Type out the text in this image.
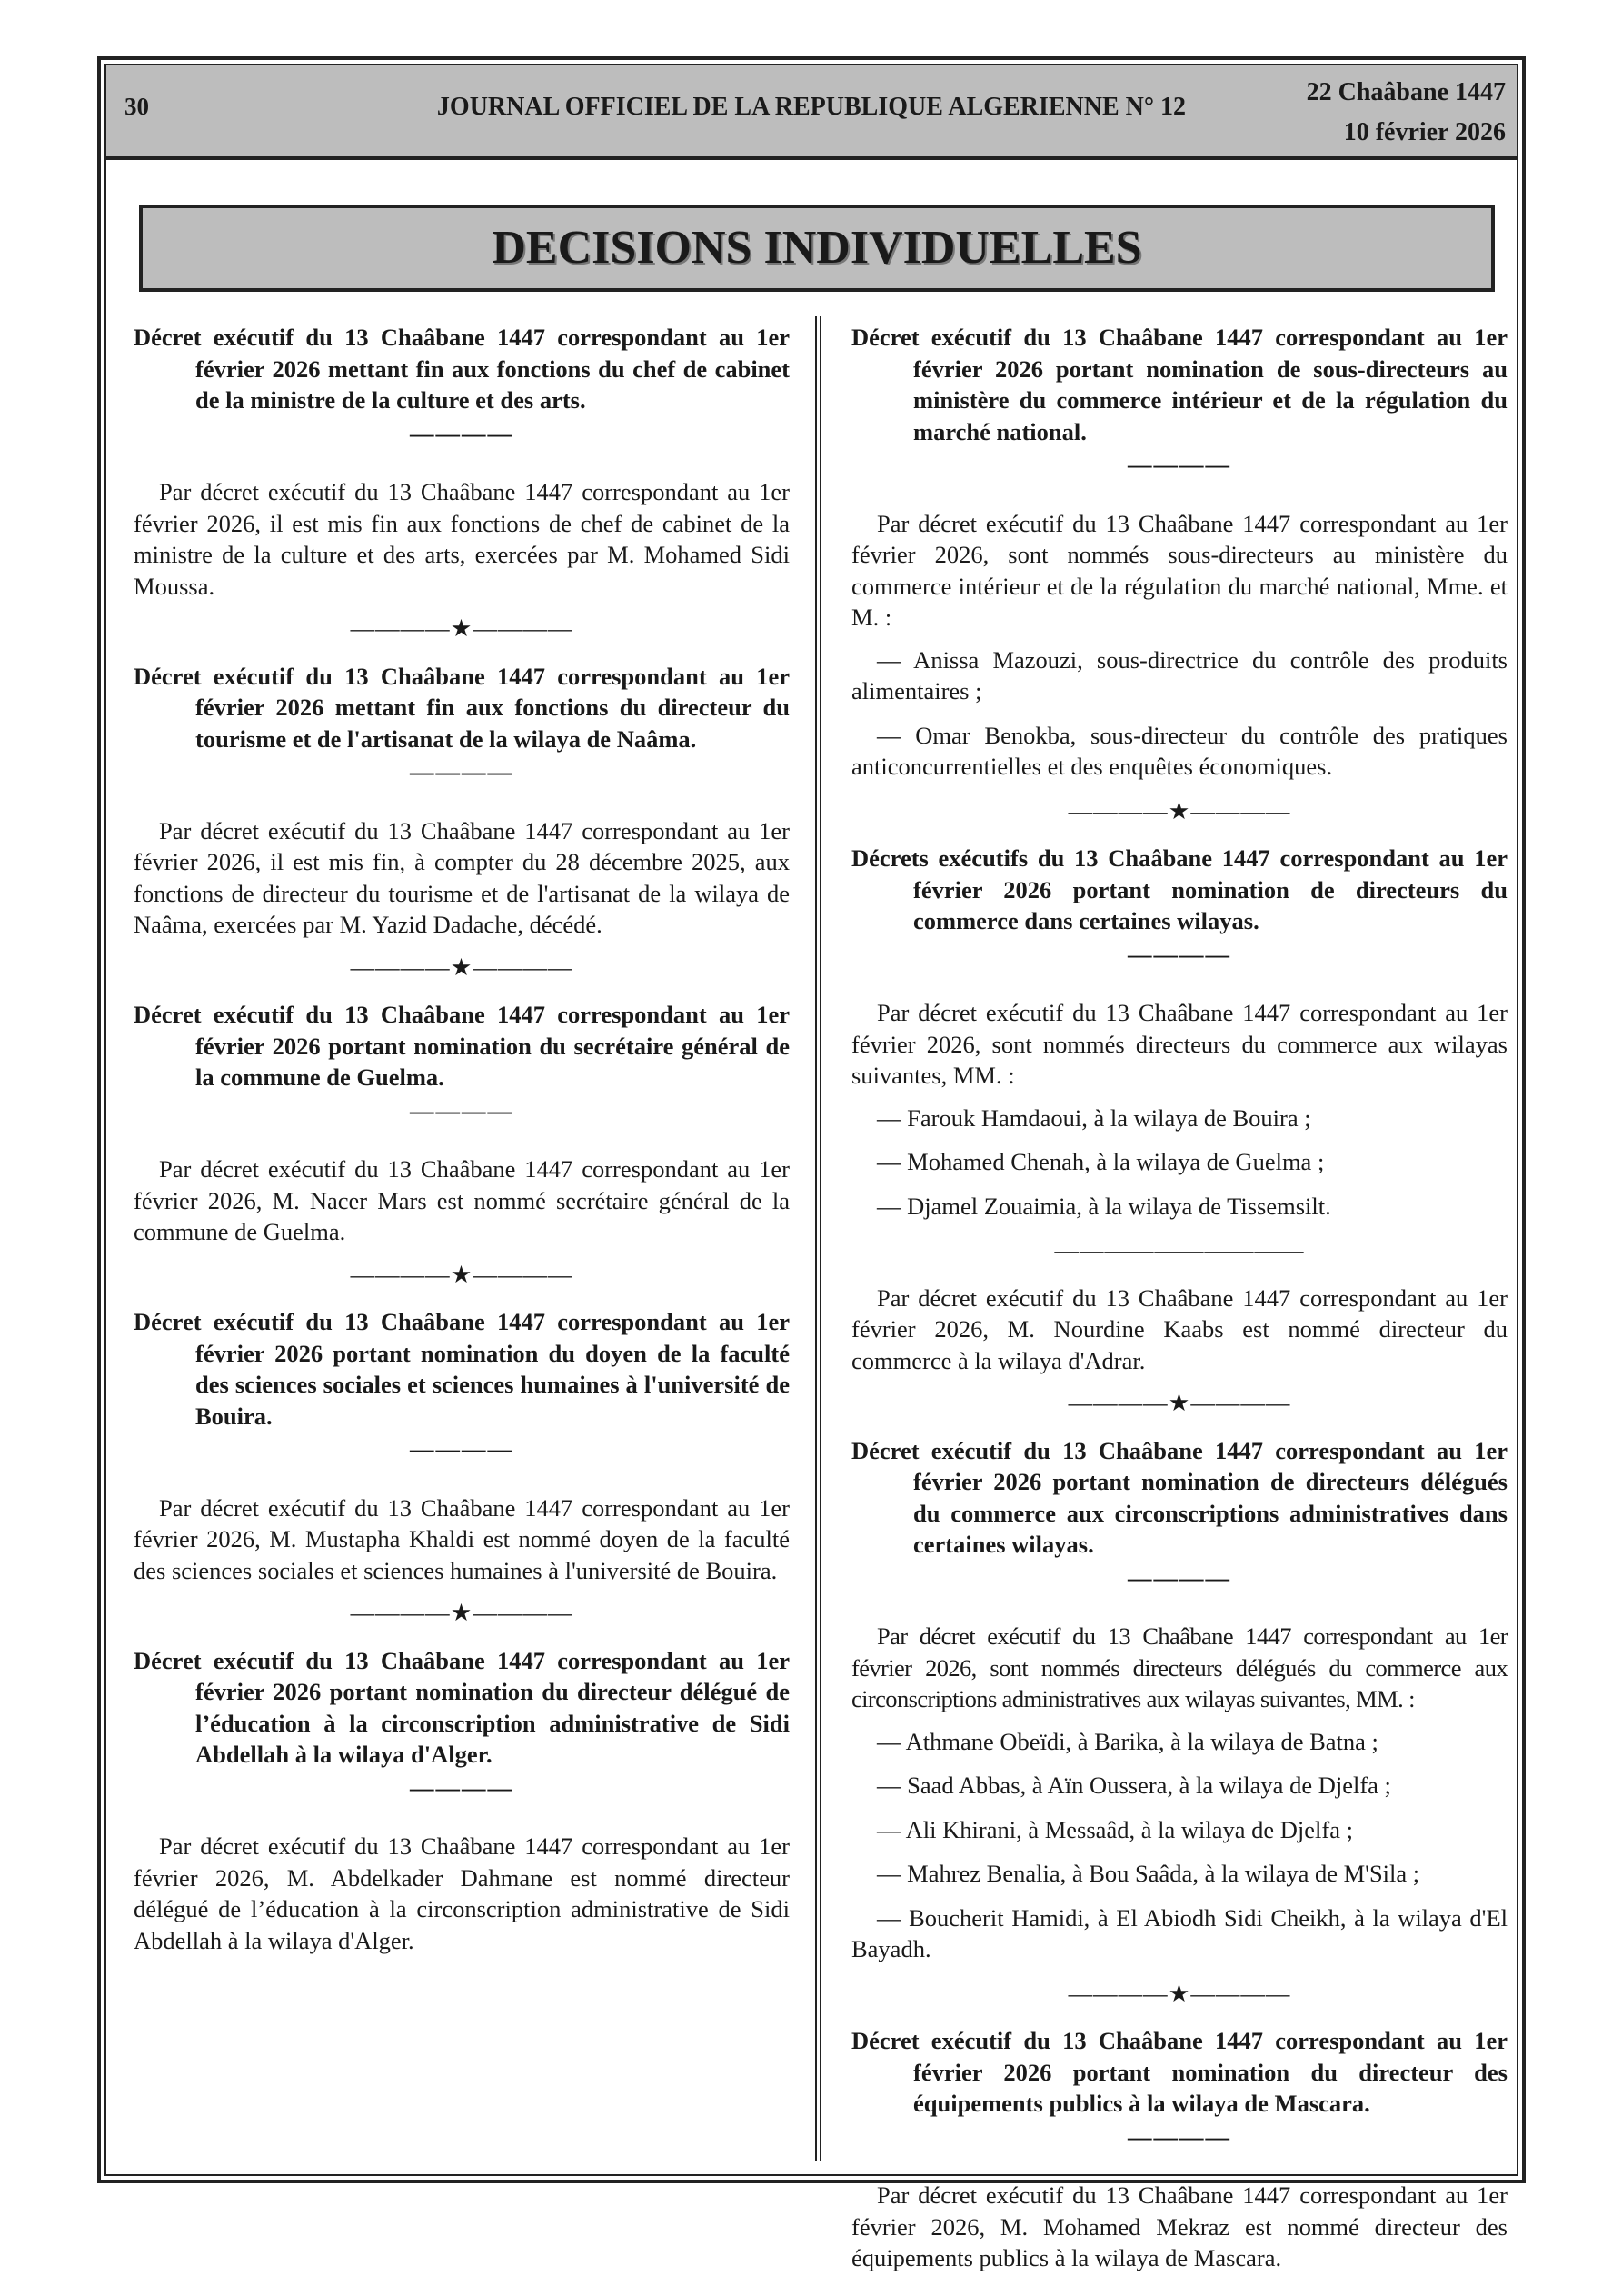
30	JOURNAL OFFICIEL DE LA REPUBLIQUE ALGERIENNE N° 12
22 Chaâbane 1447
10 février 2026
DECISIONS INDIVIDUELLES

Décret exécutif du 13 Chaâbane 1447 correspondant au 1er février 2026 mettant fin aux fonctions du chef de cabinet de la ministre de la culture et des arts.

————

Par décret exécutif du 13 Chaâbane 1447 correspondant au 1er février 2026, il est mis fin aux fonctions de chef de cabinet de la ministre de la culture et des arts, exercées par M. Mohamed Sidi Moussa.

————★————

Décret exécutif du 13 Chaâbane 1447 correspondant au 1er février 2026 mettant fin aux fonctions du directeur du tourisme et de l'artisanat de la wilaya de Naâma.

————

Par décret exécutif du 13 Chaâbane 1447 correspondant au 1er février 2026, il est mis fin, à compter du 28 décembre 2025, aux fonctions de directeur du tourisme et de l'artisanat de la wilaya de Naâma, exercées par M. Yazid Dadache, décédé.

————★————

Décret exécutif du 13 Chaâbane 1447 correspondant au 1er février 2026 portant nomination du secrétaire général de la commune de Guelma.

————

Par décret exécutif du 13 Chaâbane 1447 correspondant au 1er février 2026, M. Nacer Mars est nommé secrétaire général de la commune de Guelma.

————★————

Décret exécutif du 13 Chaâbane 1447 correspondant au 1er février 2026 portant nomination du doyen de la faculté des sciences sociales et sciences humaines à l'université de Bouira.

————

Par décret exécutif du 13 Chaâbane 1447 correspondant au 1er février 2026, M. Mustapha Khaldi est nommé doyen de la faculté des sciences sociales et sciences humaines à l'université de Bouira.

————★————

Décret exécutif du 13 Chaâbane 1447 correspondant au 1er février 2026 portant nomination du directeur délégué de l’éducation à la circonscription administrative de Sidi Abdellah à la wilaya d'Alger.

————

Par décret exécutif du 13 Chaâbane 1447 correspondant au 1er février 2026, M. Abdelkader Dahmane est nommé directeur délégué de l’éducation à la circonscription administrative de Sidi Abdellah à la wilaya d'Alger.

Décret exécutif du 13 Chaâbane 1447 correspondant au 1er février 2026 portant nomination de sous-directeurs au ministère du commerce intérieur et de la régulation du marché national.

————

Par décret exécutif du 13 Chaâbane 1447 correspondant au 1er février 2026, sont nommés sous-directeurs au ministère du commerce intérieur et de la régulation du marché national, Mme. et M. :

— Anissa Mazouzi, sous-directrice du contrôle des produits alimentaires ;

— Omar Benokba, sous-directeur du contrôle des pratiques anticoncurrentielles et des enquêtes économiques.

————★————

Décrets exécutifs du 13 Chaâbane 1447 correspondant au 1er février 2026 portant nomination de directeurs du commerce dans certaines wilayas.

————

Par décret exécutif du 13 Chaâbane 1447 correspondant au 1er février 2026, sont nommés directeurs du commerce aux wilayas suivantes, MM. :

— Farouk Hamdaoui, à la wilaya de Bouira ;

— Mohamed Chenah, à la wilaya de Guelma ;

— Djamel Zouaimia, à la wilaya de Tissemsilt.

——————————

Par décret exécutif du 13 Chaâbane 1447 correspondant au 1er février 2026, M. Nourdine Kaabs est nommé directeur du commerce à la wilaya d'Adrar.

————★————

Décret exécutif du 13 Chaâbane 1447 correspondant au 1er février 2026 portant nomination de directeurs délégués du commerce aux circonscriptions administratives dans certaines wilayas.

————

Par décret exécutif du 13 Chaâbane 1447 correspondant au 1er février 2026, sont nommés directeurs délégués du commerce aux circonscriptions administratives aux wilayas suivantes, MM. :

— Athmane Obeïdi, à Barika, à la wilaya de Batna ;

— Saad Abbas, à Aïn Oussera, à la wilaya de Djelfa ;

— Ali Khirani, à Messaâd, à la wilaya de Djelfa ;

— Mahrez Benalia, à Bou Saâda, à la wilaya de M'Sila ;

— Boucherit Hamidi, à El Abiodh Sidi Cheikh, à la wilaya d'El Bayadh.

————★————

Décret exécutif du 13 Chaâbane 1447 correspondant au 1er février 2026 portant nomination du directeur des équipements publics à la wilaya de Mascara.

————

Par décret exécutif du 13 Chaâbane 1447 correspondant au 1er février 2026, M. Mohamed Mekraz est nommé directeur des équipements publics à la wilaya de Mascara.
